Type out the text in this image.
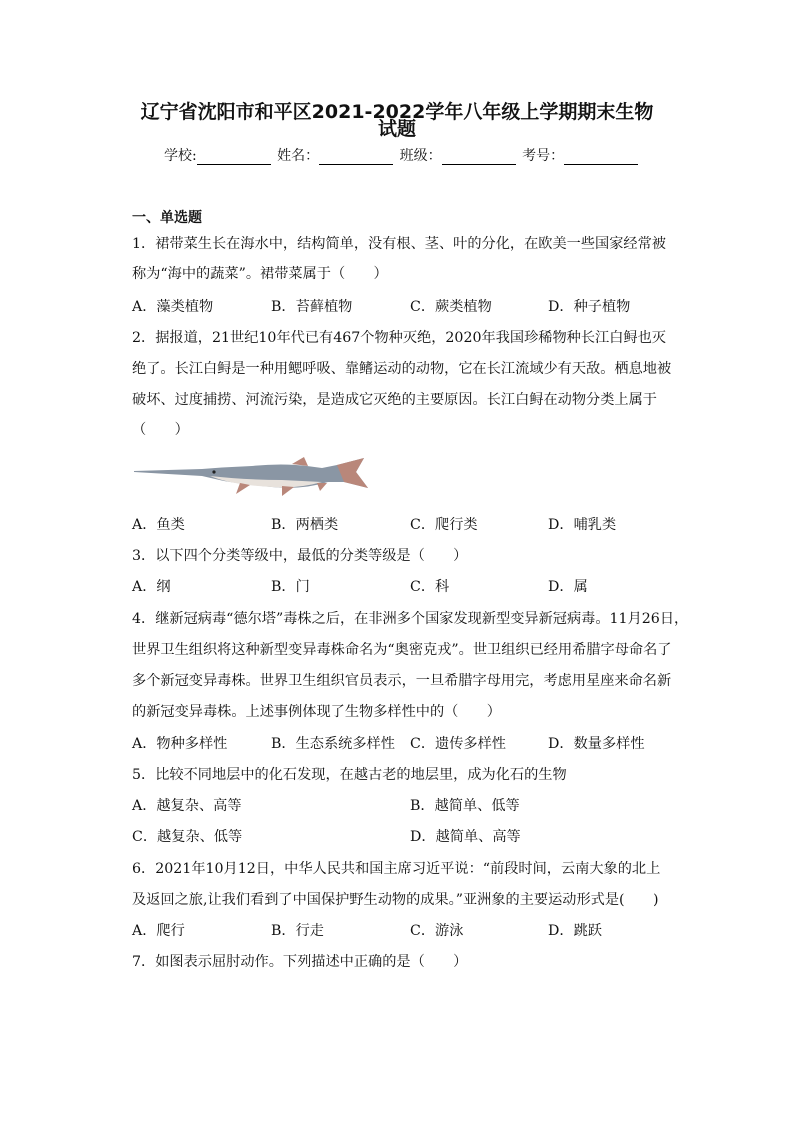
辽宁省沈阳市和平区2021-2022学年八年级上学期期末生物
试题
学校:	姓名：	班级：	考号：
一、单选题
1．裙带菜生长在海水中，结构简单，没有根、茎、叶的分化，在欧美一些国家经常被
称为“海中的蔬菜”。裙带菜属于（　　）
A．藻类植物	B．苔藓植物	C．蕨类植物	D．种子植物
2．据报道，21世纪10年代已有467个物种灭绝，2020年我国珍稀物种长江白鲟也灭
绝了。长江白鲟是一种用鳃呼吸、靠鳍运动的动物，它在长江流域少有天敌。栖息地被
破坏、过度捕捞、河流污染，是造成它灭绝的主要原因。长江白鲟在动物分类上属于
（　　）
A．鱼类	B．两栖类	C．爬行类	D．哺乳类
3．以下四个分类等级中，最低的分类等级是（　　）
A．纲	B．门	C．科	D．属
4．继新冠病毒“德尔塔”毒株之后，在非洲多个国家发现新型变异新冠病毒。11月26日，
世界卫生组织将这种新型变异毒株命名为“奥密克戎”。世卫组织已经用希腊字母命名了
多个新冠变异毒株。世界卫生组织官员表示，一旦希腊字母用完，考虑用星座来命名新
的新冠变异毒株。上述事例体现了生物多样性中的（　　）
A．物种多样性	B．生态系统多样性 C．遗传多样性	D．数量多样性
5．比较不同地层中的化石发现，在越古老的地层里，成为化石的生物
A．越复杂、高等	B．越简单、低等
C．越复杂、低等	D．越简单、高等
6．2021年10月12日，中华人民共和国主席习近平说：“前段时间，云南大象的北上
及返回之旅,让我们看到了中国保护野生动物的成果。”亚洲象的主要运动形式是(　　)
A．爬行	B．行走	C．游泳	D．跳跃
7．如图表示屈肘动作。下列描述中正确的是（　　）
